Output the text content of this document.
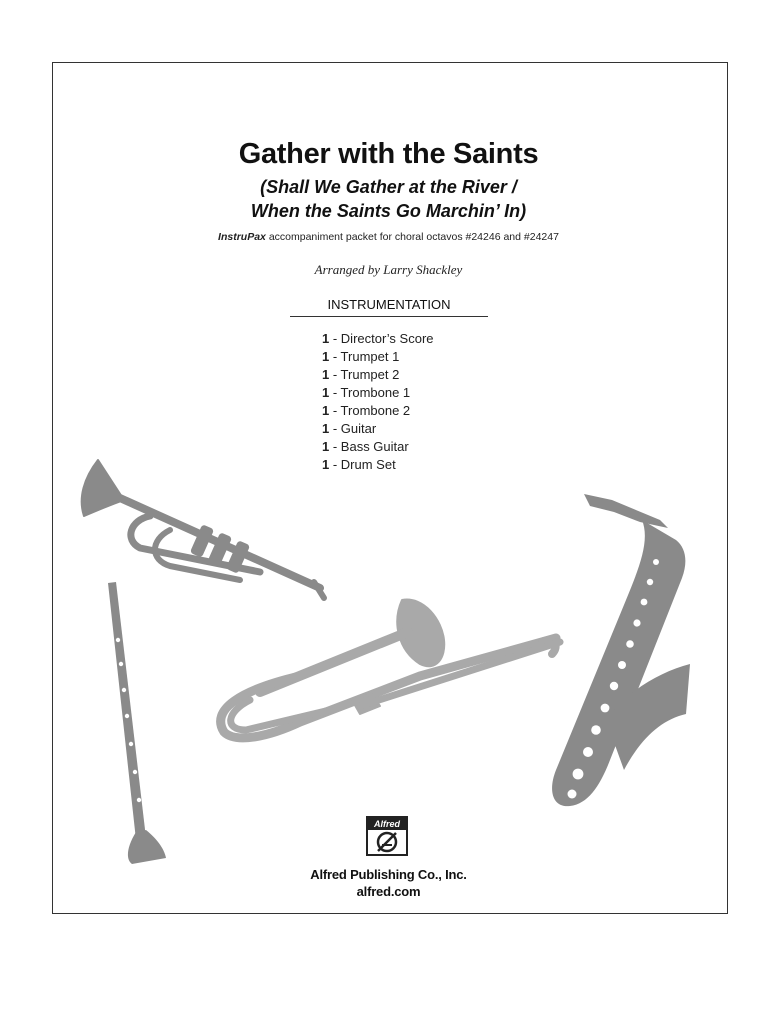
Gather with the Saints
(Shall We Gather at the River /
When the Saints Go Marchin’ In)
InstruPax accompaniment packet for choral octavos #24246 and #24247
Arranged by Larry Shackley
INSTRUMENTATION
1 - Director’s Score
1 - Trumpet 1
1 - Trumpet 2
1 - Trombone 1
1 - Trombone 2
1 - Guitar
1 - Bass Guitar
1 - Drum Set
Alfred
Alfred Publishing Co., Inc.
alfred.com
